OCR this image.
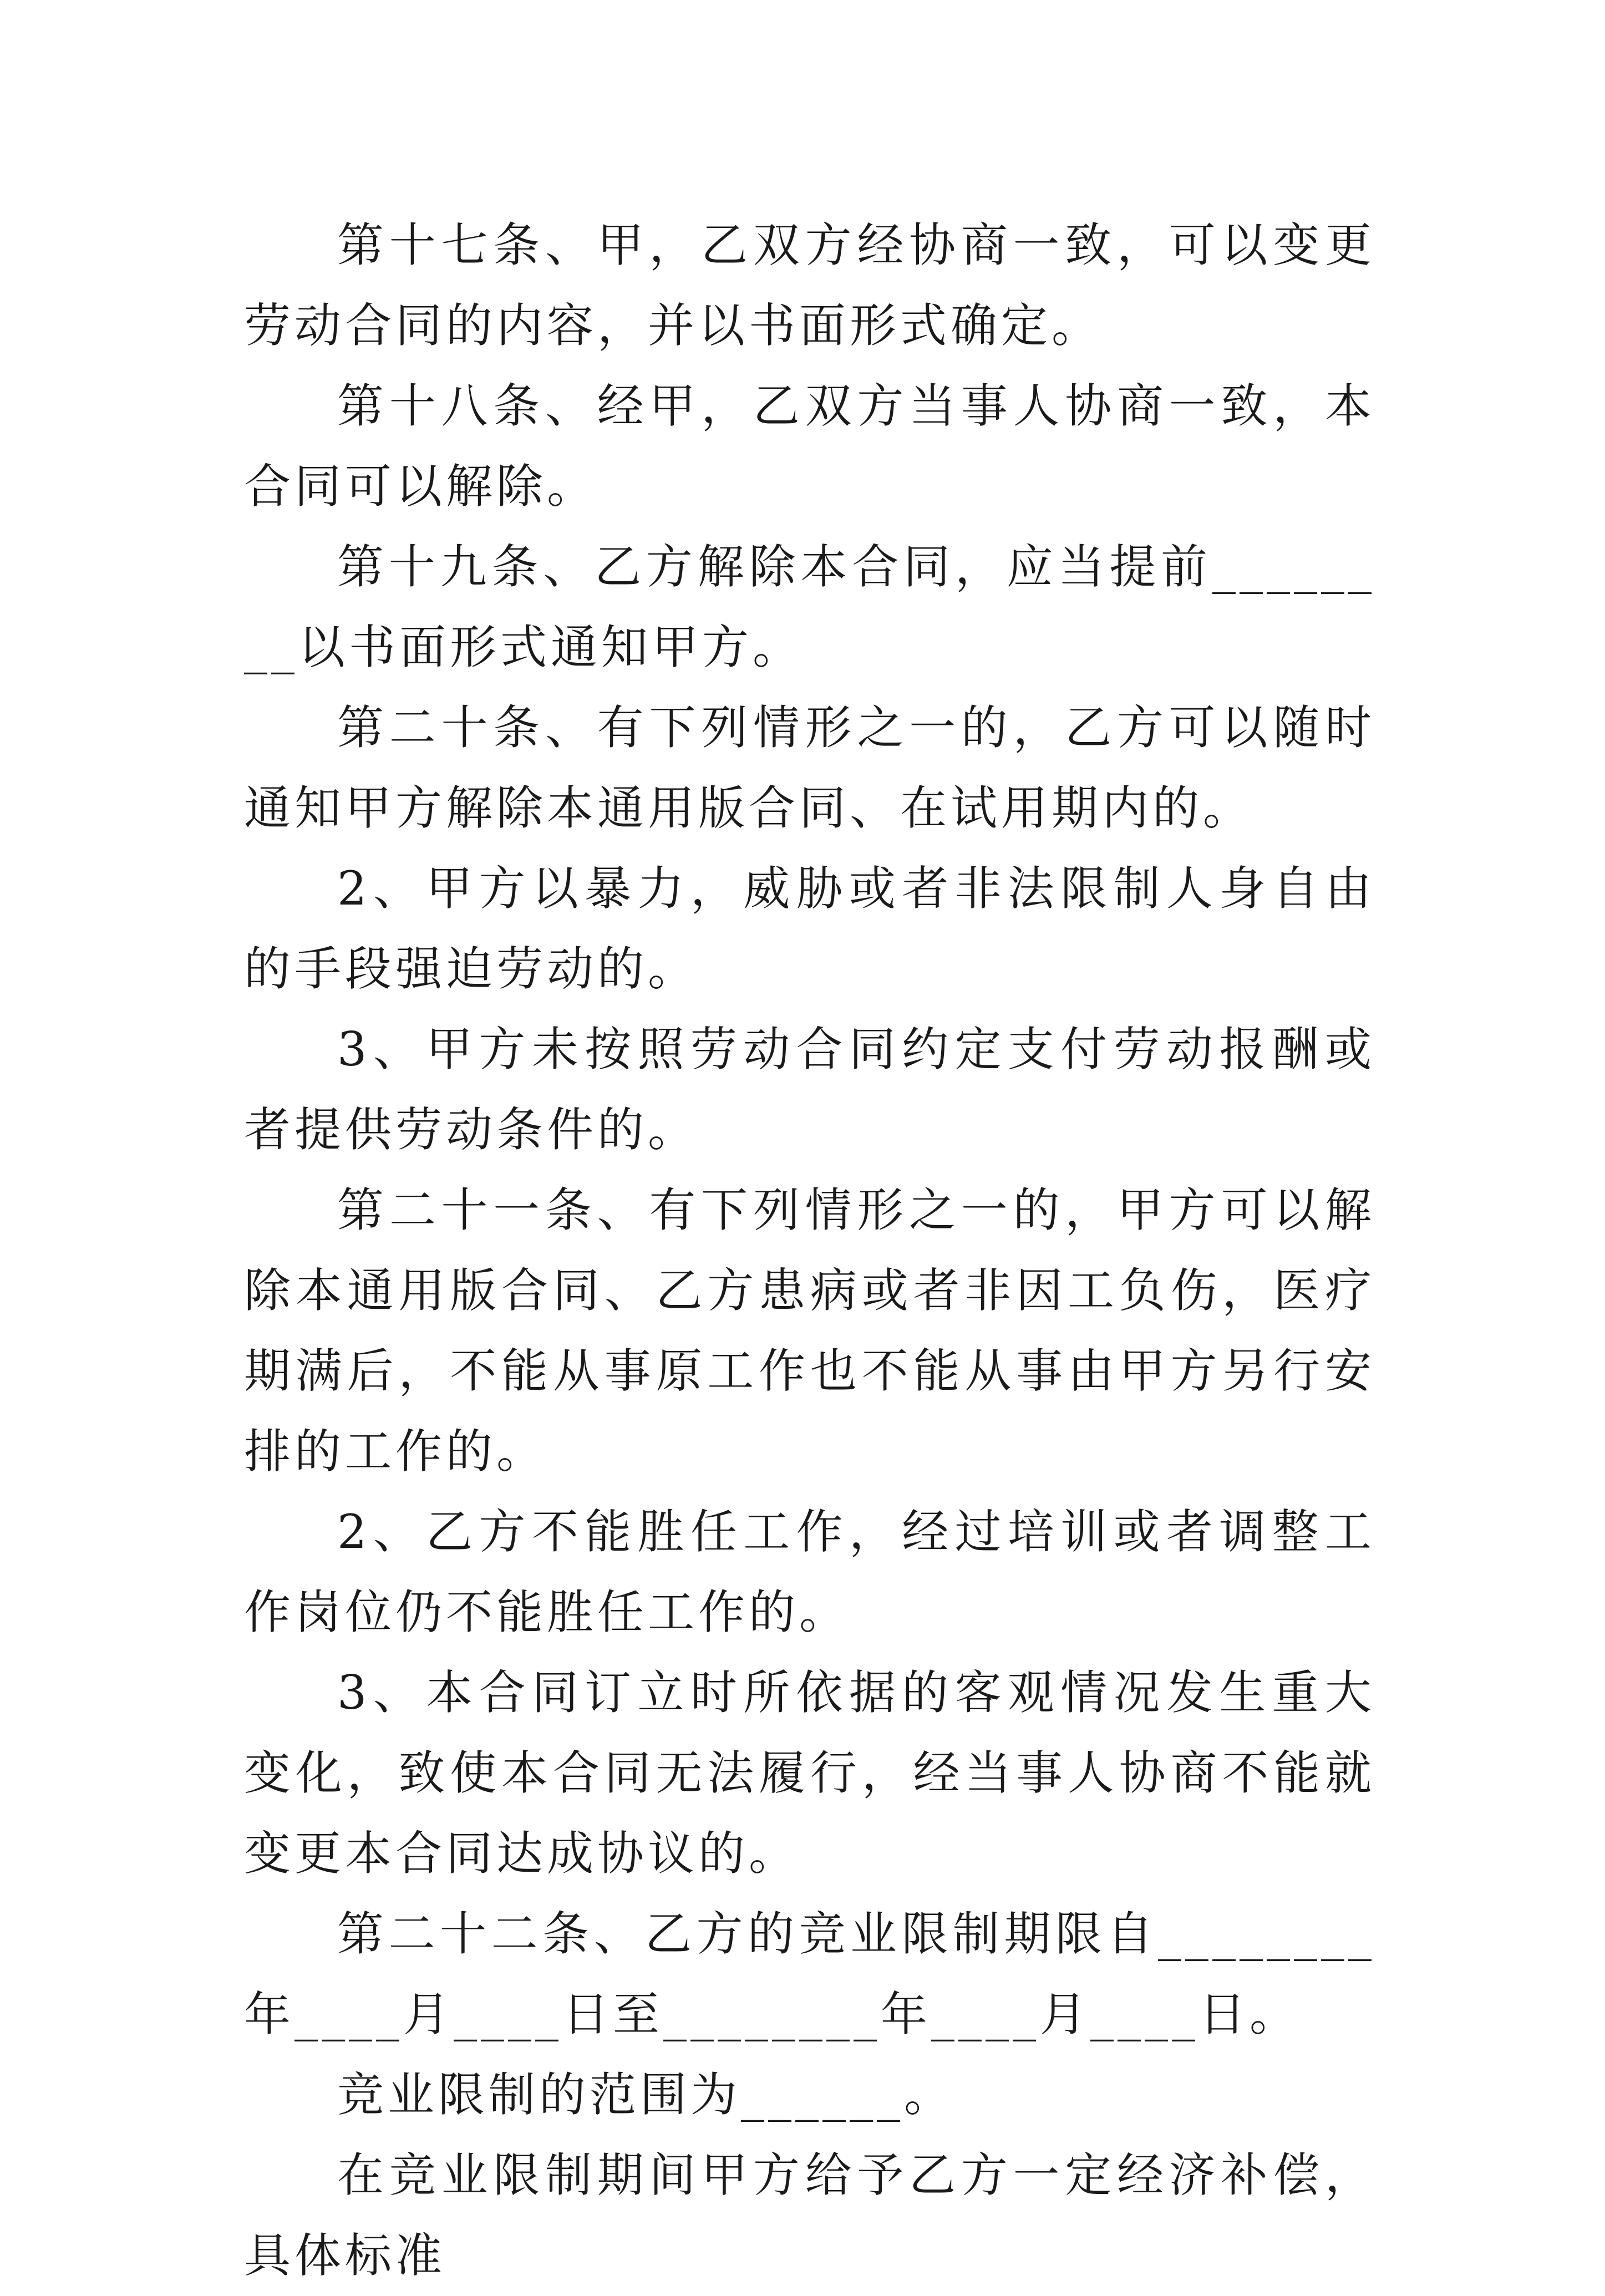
第十七条、甲，乙双方经协商一致，可以变更劳动合同的内容，并以书面形式确定。

第十八条、经甲，乙双方当事人协商一致，本合同可以解除。

第十九条、乙方解除本合同，应当提前________以书面形式通知甲方。

第二十条、有下列情形之一的，乙方可以随时通知甲方解除本通用版合同、在试用期内的。

2、甲方以暴力，威胁或者非法限制人身自由的手段强迫劳动的。

3、甲方未按照劳动合同约定支付劳动报酬或者提供劳动条件的。

第二十一条、有下列情形之一的，甲方可以解除本通用版合同、乙方患病或者非因工负伤，医疗期满后，不能从事原工作也不能从事由甲方另行安排的工作的。

2、乙方不能胜任工作，经过培训或者调整工作岗位仍不能胜任工作的。

3、本合同订立时所依据的客观情况发生重大变化，致使本合同无法履行，经当事人协商不能就变更本合同达成协议的。

第二十二条、乙方的竞业限制期限自________年____月____日至________年____月____日。

竞业限制的范围为______。

在竞业限制期间甲方给予乙方一定经济补偿，具体标准
